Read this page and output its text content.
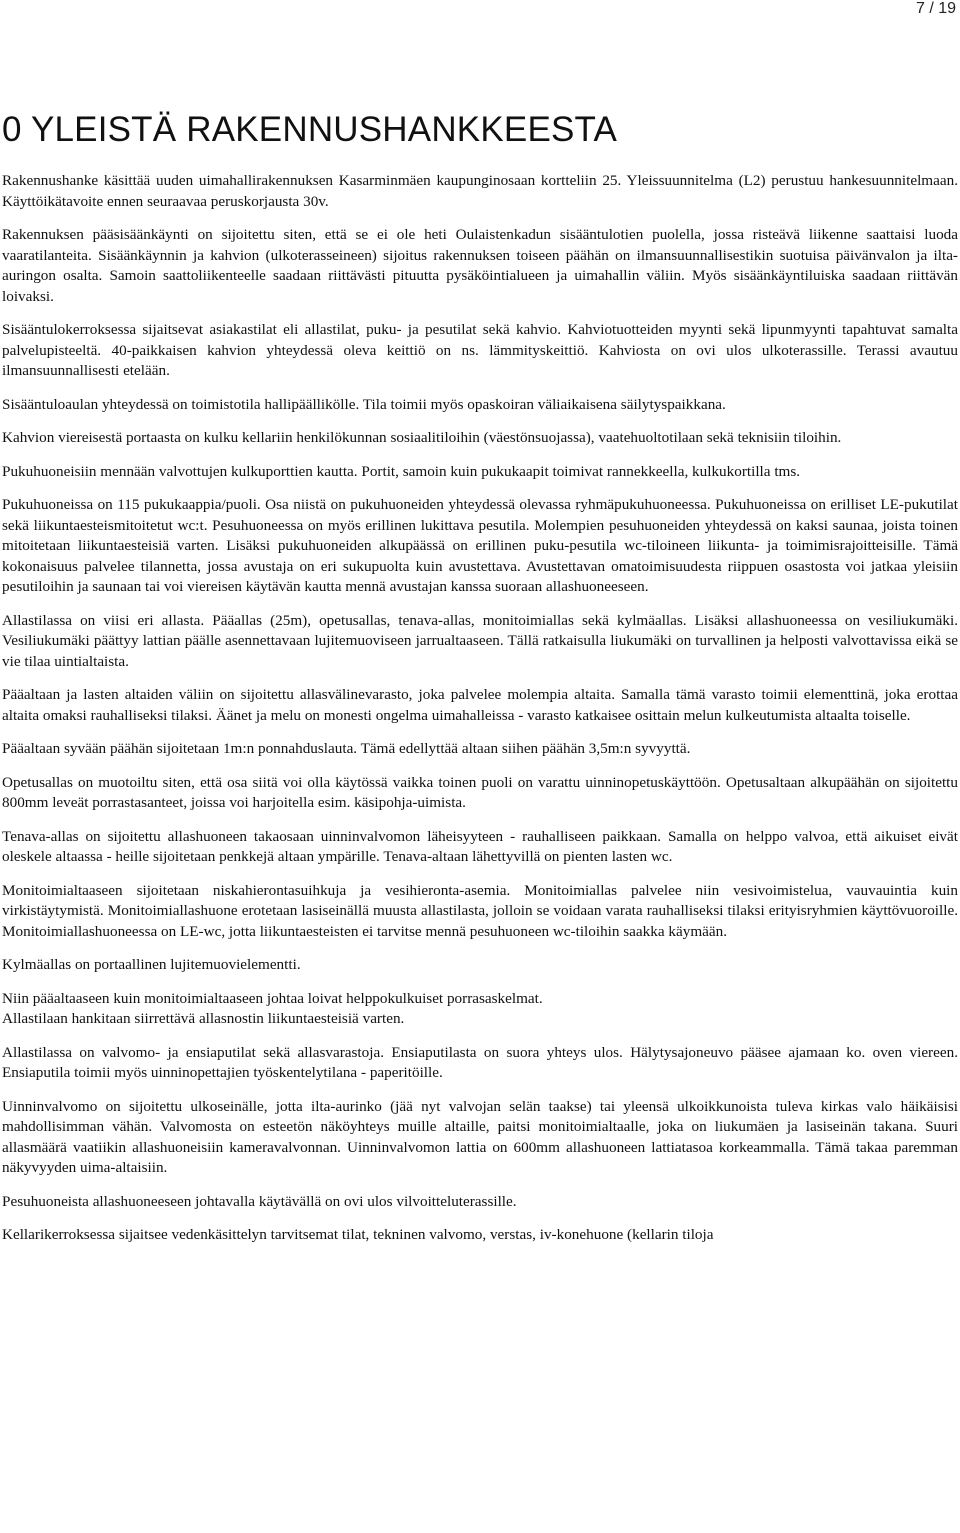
7 / 19
0 YLEISTÄ RAKENNUSHANKKEESTA

Rakennushanke käsittää uuden uimahallirakennuksen Kasarminmäen kaupunginosaan kortteliin 25. Yleissuunnitelma (L2) perustuu hankesuunnitelmaan. Käyttöikätavoite ennen seuraavaa peruskorjausta 30v.

Rakennuksen pääsisäänkäynti on sijoitettu siten, että se ei ole heti Oulaistenkadun sisääntulotien puolella, jossa risteävä liikenne saattaisi luoda vaaratilanteita. Sisäänkäynnin ja kahvion (ulkoterasseineen) sijoitus rakennuksen toiseen päähän on ilmansuunnallisestikin suotuisa päivänvalon ja ilta-auringon osalta. Samoin saattoliikenteelle saadaan riittävästi pituutta pysäköintialueen ja uimahallin väliin. Myös sisäänkäyntiluiska saadaan riittävän loivaksi.

Sisääntulokerroksessa sijaitsevat asiakastilat eli allastilat, puku- ja pesutilat sekä kahvio. Kahviotuotteiden myynti sekä lipunmyynti tapahtuvat samalta palvelupisteeltä. 40-paikkaisen kahvion yhteydessä oleva keittiö on ns. lämmityskeittiö. Kahviosta on ovi ulos ulkoterassille. Terassi avautuu ilmansuunnallisesti etelään.

Sisääntuloaulan yhteydessä on toimistotila hallipäällikölle. Tila toimii myös opaskoiran väliaikaisena säilytyspaikkana.

Kahvion viereisestä portaasta on kulku kellariin henkilökunnan sosiaalitiloihin (väestönsuojassa), vaatehuoltotilaan sekä teknisiin tiloihin.

Pukuhuoneisiin mennään valvottujen kulkuporttien kautta. Portit, samoin kuin pukukaapit toimivat rannekkeella, kulkukortilla tms.

Pukuhuoneissa on 115 pukukaappia/puoli. Osa niistä on pukuhuoneiden yhteydessä olevassa ryhmäpukuhuoneessa. Pukuhuoneissa on erilliset LE-pukutilat sekä liikuntaesteismitoitetut wc:t. Pesuhuoneessa on myös erillinen lukittava pesutila. Molempien pesuhuoneiden yhteydessä on kaksi saunaa, joista toinen mitoitetaan liikuntaesteisiä varten. Lisäksi pukuhuoneiden alkupäässä on erillinen puku-pesutila wc-tiloineen liikunta- ja toimimisrajoitteisille. Tämä kokonaisuus palvelee tilannetta, jossa avustaja on eri sukupuolta kuin avustettava. Avustettavan omatoimisuudesta riippuen osastosta voi jatkaa yleisiin pesutiloihin ja saunaan tai voi viereisen käytävän kautta mennä avustajan kanssa suoraan allashuoneeseen.

Allastilassa on viisi eri allasta. Pääallas (25m), opetusallas, tenava-allas, monitoimiallas sekä kylmäallas. Lisäksi allashuoneessa on vesiliukumäki. Vesiliukumäki päättyy lattian päälle asennettavaan lujitemuoviseen jarrualtaaseen. Tällä ratkaisulla liukumäki on turvallinen ja helposti valvottavissa eikä se vie tilaa uintialtaista.

Pääaltaan ja lasten altaiden väliin on sijoitettu allasvälinevarasto, joka palvelee molempia altaita. Samalla tämä varasto toimii elementtinä, joka erottaa altaita omaksi rauhalliseksi tilaksi. Äänet ja melu on monesti ongelma uimahalleissa - varasto katkaisee osittain melun kulkeutumista altaalta toiselle.

Pääaltaan syvään päähän sijoitetaan 1m:n ponnahduslauta. Tämä edellyttää altaan siihen päähän 3,5m:n syvyyttä.

Opetusallas on muotoiltu siten, että osa siitä voi olla käytössä vaikka toinen puoli on varattu uinninopetuskäyttöön. Opetusaltaan alkupäähän on sijoitettu 800mm leveät porrastasanteet, joissa voi harjoitella esim. käsipohja-uimista.

Tenava-allas on sijoitettu allashuoneen takaosaan uinninvalvomon läheisyyteen - rauhalliseen paikkaan. Samalla on helppo valvoa, että aikuiset eivät oleskele altaassa - heille sijoitetaan penkkejä altaan ympärille. Tenava-altaan lähettyvillä on pienten lasten wc.

Monitoimialtaaseen sijoitetaan niskahierontasuihkuja ja vesihieronta-asemia. Monitoimiallas palvelee niin vesivoimistelua, vauvauintia kuin virkistäytymistä. Monitoimiallashuone erotetaan lasiseinällä muusta allastilasta, jolloin se voidaan varata rauhalliseksi tilaksi erityisryhmien käyttövuoroille. Monitoimiallashuoneessa on LE-wc, jotta liikuntaesteisten ei tarvitse mennä pesuhuoneen wc-tiloihin saakka käymään.

Kylmäallas on portaallinen lujitemuovielementti.

Niin pääaltaaseen kuin monitoimialtaaseen johtaa loivat helppokulkuiset porrasaskelmat.

Allastilaan hankitaan siirrettävä allasnostin liikuntaesteisiä varten.

Allastilassa on valvomo- ja ensiaputilat sekä allasvarastoja. Ensiaputilasta on suora yhteys ulos. Hälytysajoneuvo pääsee ajamaan ko. oven viereen. Ensiaputila toimii myös uinninopettajien työskentelytilana - paperitöille.

Uinninvalvomo on sijoitettu ulkoseinälle, jotta ilta-aurinko (jää nyt valvojan selän taakse) tai yleensä ulkoikkunoista tuleva kirkas valo häikäisisi mahdollisimman vähän. Valvomosta on esteetön näköyhteys muille altaille, paitsi monitoimialtaalle, joka on liukumäen ja lasiseinän takana. Suuri allasmäärä vaatiikin allashuoneisiin kameravalvonnan. Uinninvalvomon lattia on 600mm allashuoneen lattiatasoa korkeammalla. Tämä takaa paremman näkyvyyden uima-altaisiin.

Pesuhuoneista allashuoneeseen johtavalla käytävällä on ovi ulos vilvoitteluterassille.

Kellarikerroksessa sijaitsee vedenkäsittelyn tarvitsemat tilat, tekninen valvomo, verstas, iv-konehuone (kellarin tiloja
